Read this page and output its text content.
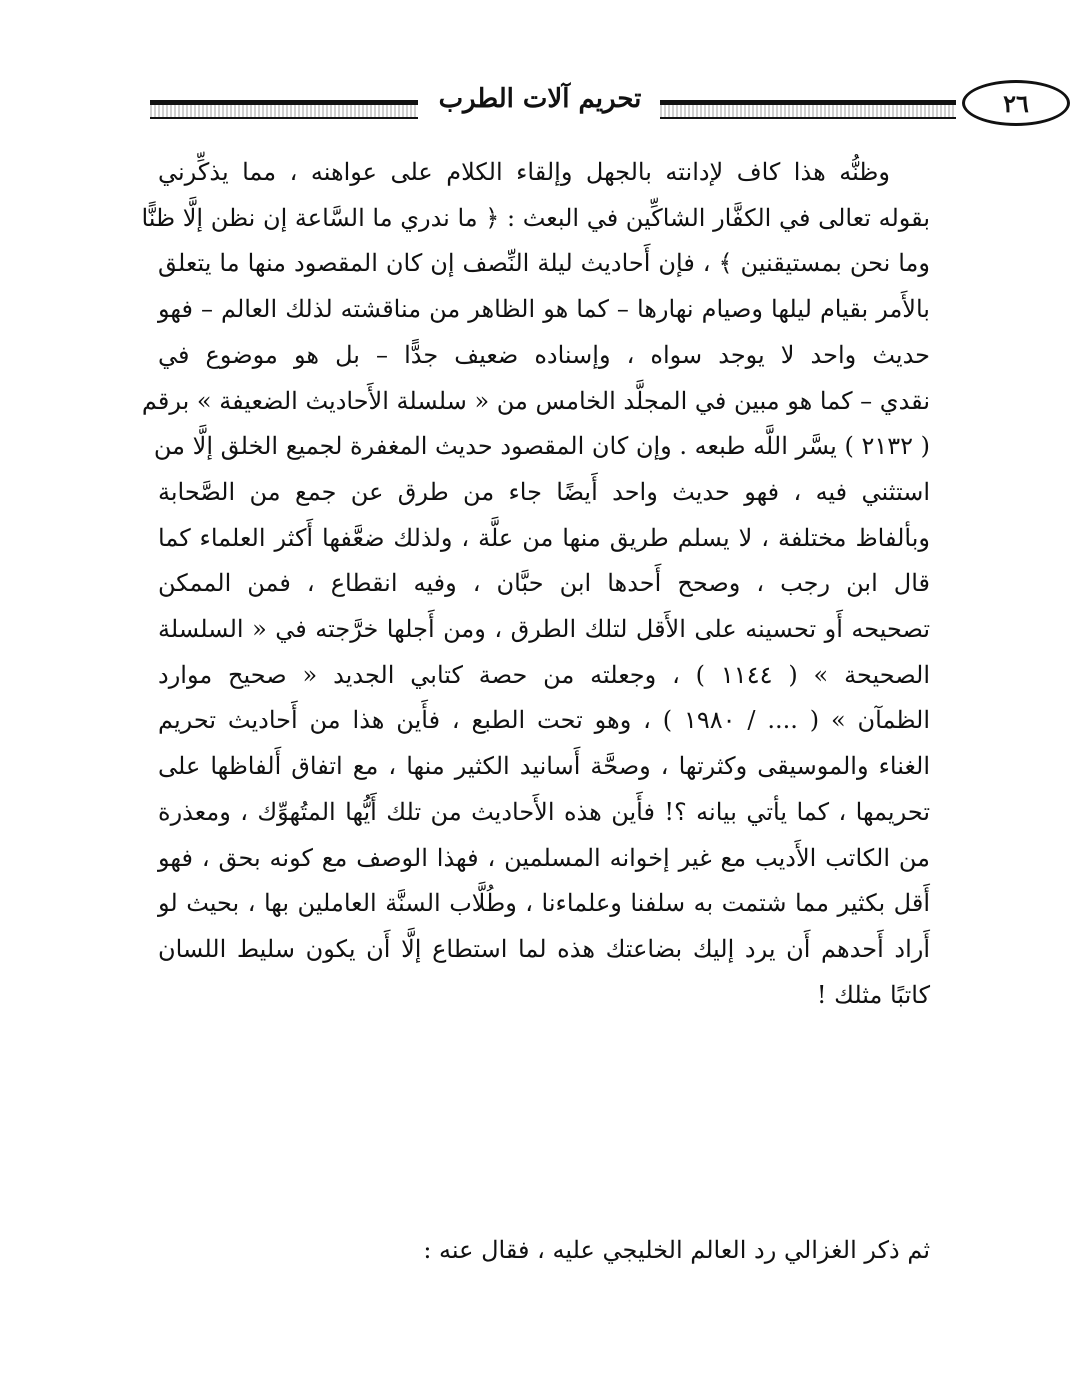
تحريم آلات الطرب	٢٦
وظنُّه هذا كاف لإدانته بالجهل وإلقاء الكلام على عواهنه ، مما يذكِّرني
بقوله تعالى في الكفَّار الشاكِّين في البعث : ﴿ ما ندري ما السَّاعة إن نظن إلَّا ظنًّا
وما نحن بمستيقنين ﴾ ، فإن أَحاديث ليلة النِّصف إن كان المقصود منها ما يتعلق
بالأَمر بقيام ليلها وصيام نهارها – كما هو الظاهر من مناقشته لذلك العالم – فهو
حديث واحد لا يوجد سواه ، وإسناده ضعيف جدًّا – بل هو موضوع في
نقدي – كما هو مبين في المجلَّد الخامس من « سلسلة الأَحاديث الضعيفة » برقم
( ٢١٣٢ ) يسَّر اللَّه طبعه . وإن كان المقصود حديث المغفرة لجميع الخلق إلَّا من
استثني فيه ، فهو حديث واحد أَيضًا جاء من طرق عن جمع من الصَّحابة
وبألفاظ مختلفة ، لا يسلم طريق منها من علَّة ، ولذلك ضعَّفها أَكثر العلماء كما
قال ابن رجب ، وصحح أَحدها ابن حبَّان ، وفيه انقطاع ، فمن الممكن
تصحيحه أَو تحسينه على الأَقل لتلك الطرق ، ومن أَجلها خرَّجته في « السلسلة
الصحيحة » ( ١١٤٤ ) ، وجعلته من حصة كتابي الجديد « صحيح موارد
الظمآن » ( .... / ١٩٨٠ ) ، وهو تحت الطبع ، فأَين هذا من أَحاديث تحريم
الغناء والموسيقى وكثرتها ، وصحَّة أَسانيد الكثير منها ، مع اتفاق أَلفاظها على
تحريمها ، كما يأتي بيانه ؟! فأَين هذه الأَحاديث من تلك أَيُّها المتُهوِّك ، ومعذرة
من الكاتب الأَديب مع غير إخوانه المسلمين ، فهذا الوصف مع كونه بحق ، فهو
أَقل بكثير مما شتمت به سلفنا وعلماءنا ، وطُلَّاب السنَّة العاملين بها ، بحيث لو
أَراد أَحدهم أَن يرد إليك بضاعتك هذه لما استطاع إلَّا أَن يكون سليط اللسان
كاتبًا مثلك !
ثم ذكر الغزالي رد العالم الخليجي عليه ، فقال عنه :
